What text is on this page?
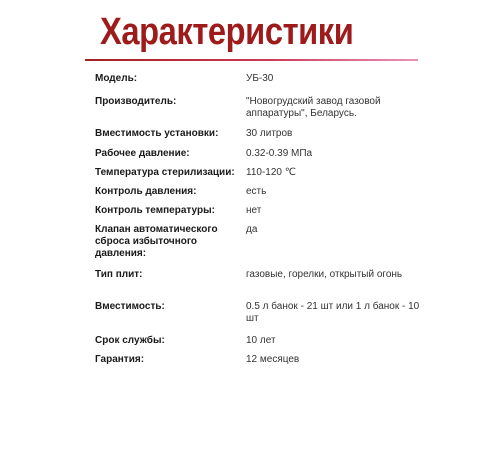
Характеристики
Модель:	УБ-30
Производитель:	"Новогрудский завод газовой аппаратуры", Беларусь.
Вместимость установки:	30 литров
Рабочее давление:	0.32-0.39 МПа
Температура стерилизации:	110-120 ℃
Контроль давления:	есть
Контроль температуры:	нет
Клапан автоматического сброса избыточного давления:	да
Тип плит:	газовые, горелки, открытый огонь
Вместимость:	0.5 л банок - 21 шт или 1 л банок - 10 шт
Срок службы:	10 лет
Гарантия:	12 месяцев
